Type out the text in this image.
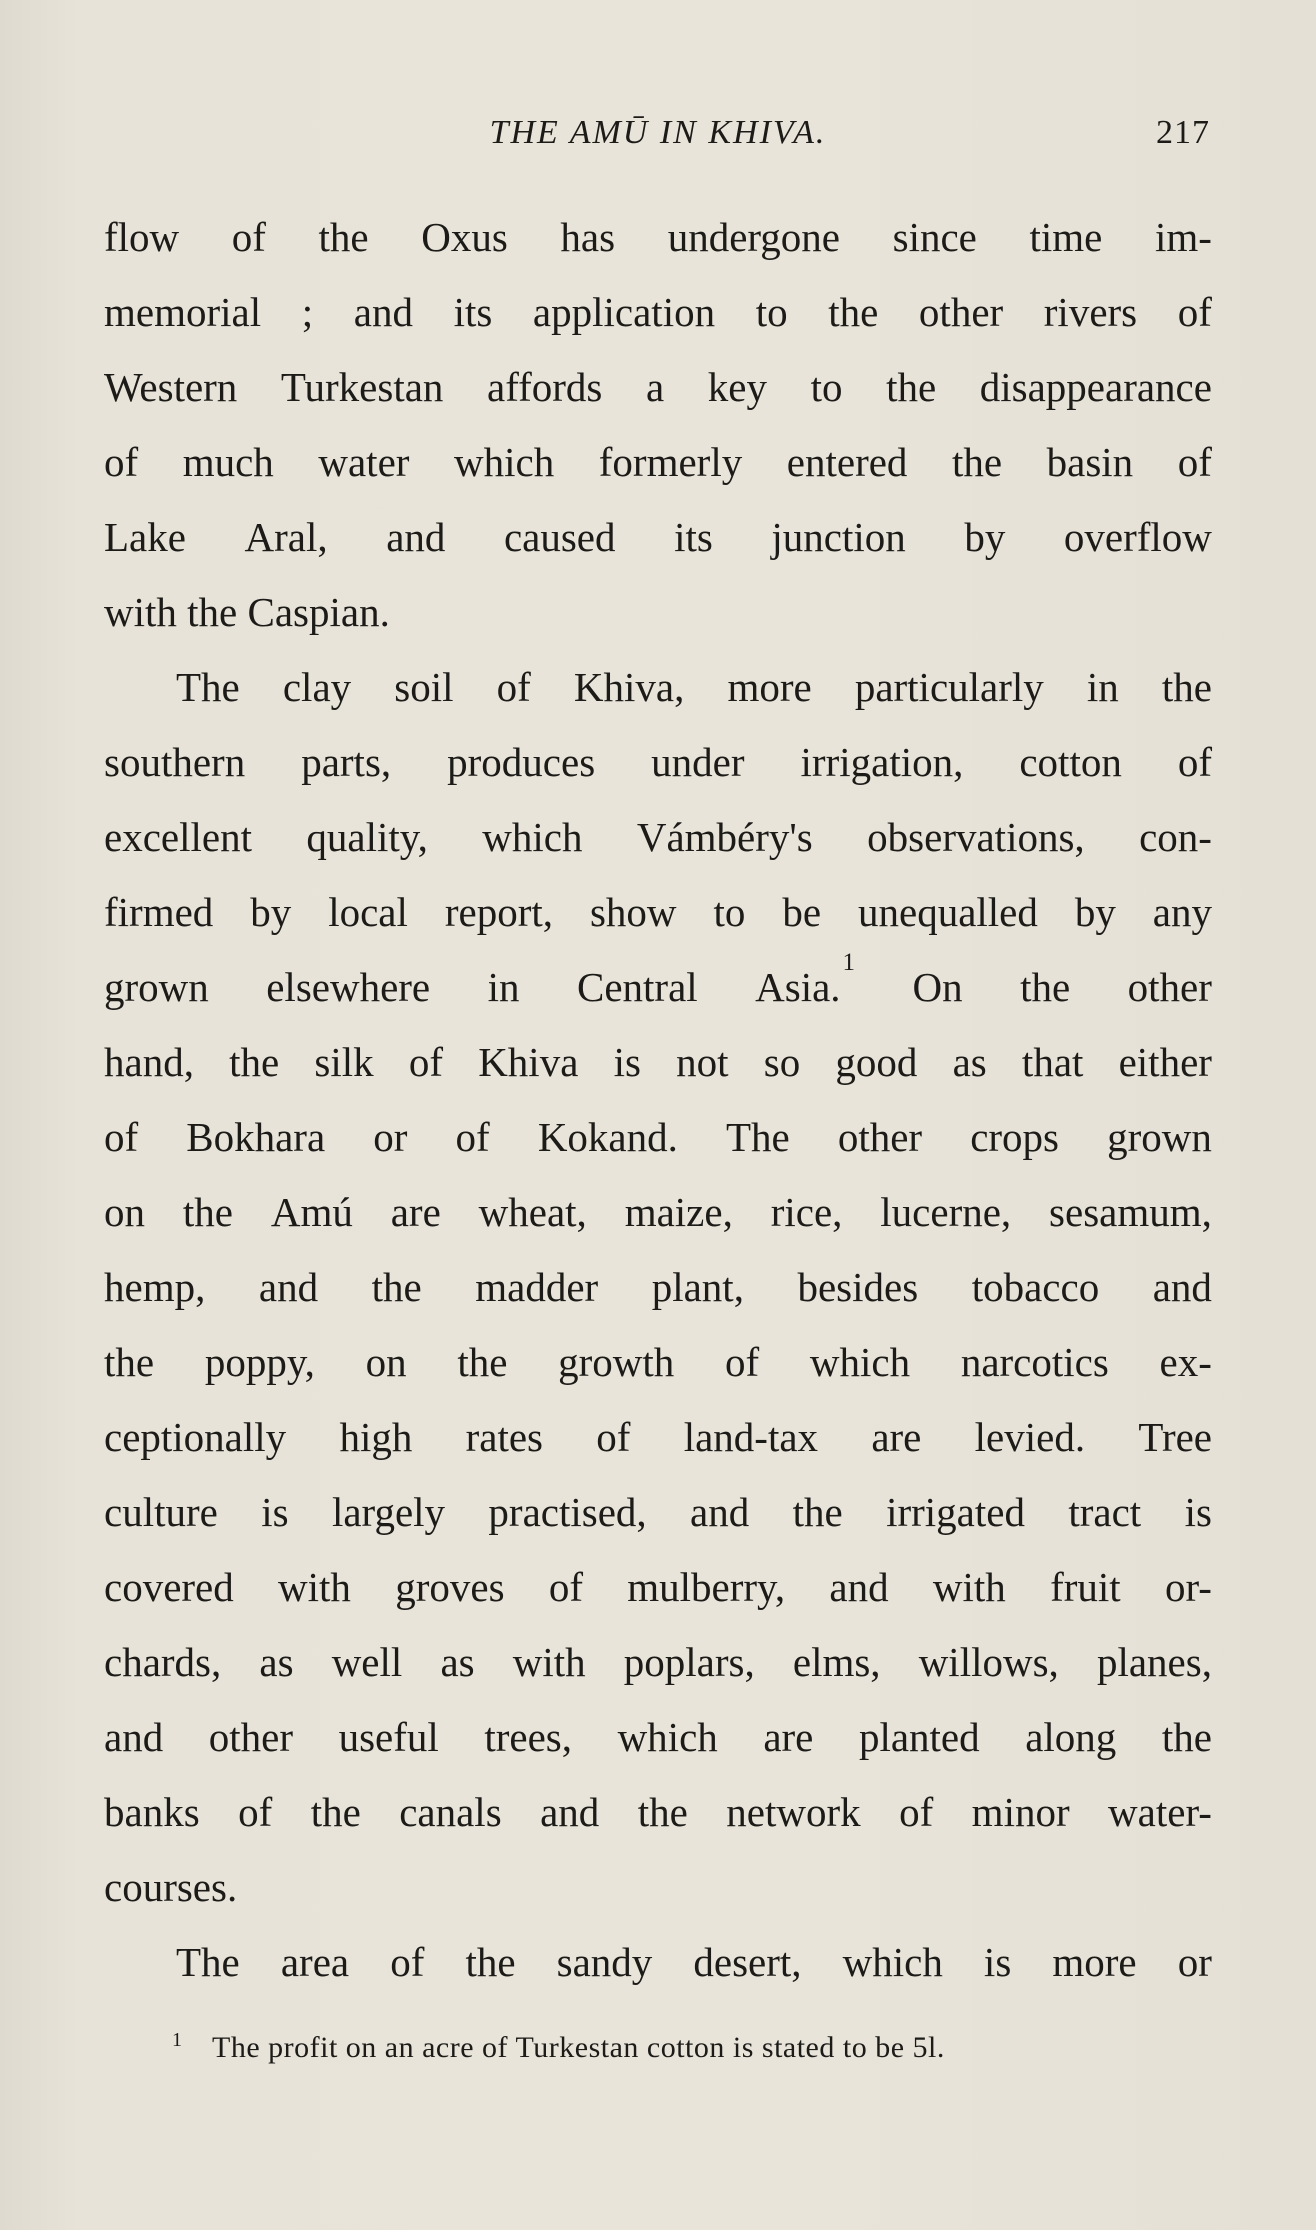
THE AMŪ IN KHIVA.	217
flow of the Oxus has undergone since time im-
memorial ; and its application to the other rivers of
Western Turkestan affords a key to the disappearance
of much water which formerly entered the basin of
Lake Aral, and caused its junction by overflow
with the Caspian.
The clay soil of Khiva, more particularly in the
southern parts, produces under irrigation, cotton of
excellent quality, which Vámbéry's observations, con-
firmed by local report, show to be unequalled by any
grown elsewhere in Central Asia.$^1$
On the other
hand, the silk of Khiva is not so good as that either
of Bokhara or of Kokand. The other crops grown
on the Amú are wheat, maize, rice, lucerne, sesamum,
hemp, and the madder plant, besides tobacco and
the poppy, on the growth of which narcotics ex-
ceptionally high rates of land-tax are levied. Tree
culture is largely practised, and the irrigated tract is
covered with groves of mulberry, and with fruit or-
chards, as well as with poplars, elms, willows, planes,
and other useful trees, which are planted along the
banks of the canals and the network of minor water-
courses.
The area of the sandy desert, which is more or
1 The profit on an acre of Turkestan cotton is stated to be 5l.
